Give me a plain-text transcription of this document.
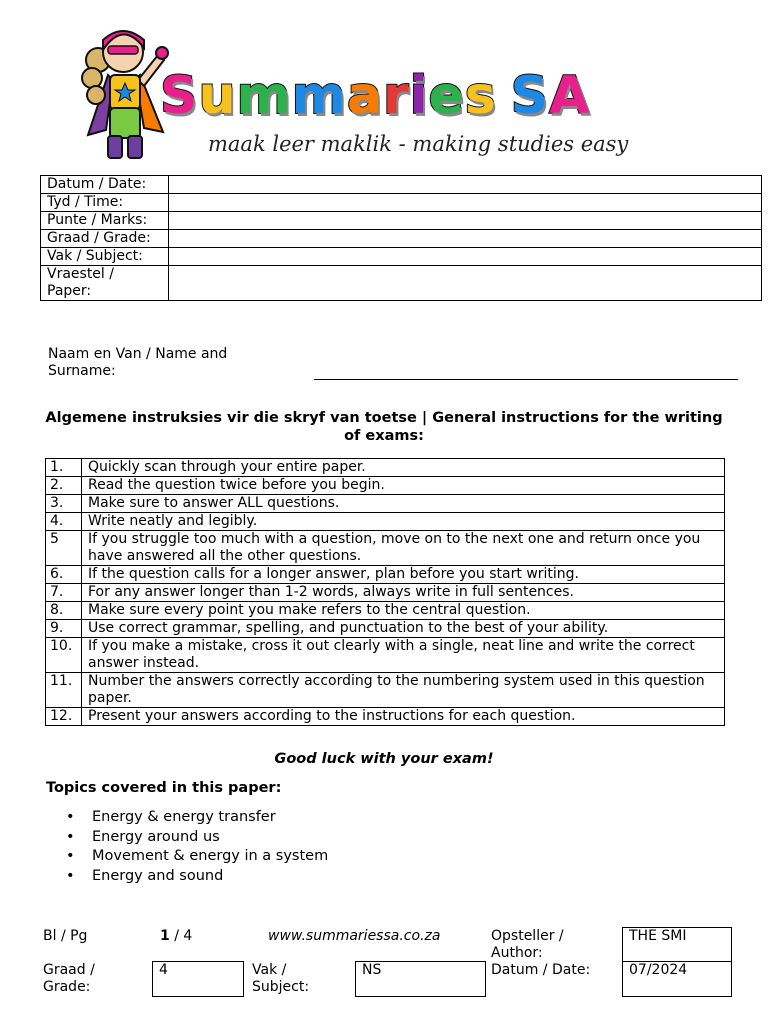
Summaries SA
maak leer maklik - making studies easy
Datum / Date:	
Tyd / Time:	
Punte / Marks:	
Graad / Grade:	
Vak / Subject:	
Vraestel / Paper:	
Naam en Van / Name and Surname:
Algemene instruksies vir die skryf van toetse | General instructions for the writing of exams:
1.	Quickly scan through your entire paper.
2.	Read the question twice before you begin.
3.	Make sure to answer ALL questions.
4.	Write neatly and legibly.
5	If you struggle too much with a question, move on to the next one and return once you have answered all the other questions.
6.	If the question calls for a longer answer, plan before you start writing.
7.	For any answer longer than 1-2 words, always write in full sentences.
8.	Make sure every point you make refers to the central question.
9.	Use correct grammar, spelling, and punctuation to the best of your ability.
10.	If you make a mistake, cross it out clearly with a single, neat line and write the correct answer instead.
11.	Number the answers correctly according to the numbering system used in this question paper.
12.	Present your answers according to the instructions for each question.
Good luck with your exam!
Topics covered in this paper:
• Energy & energy transfer
• Energy around us
• Movement & energy in a system
• Energy and sound
Bl / Pg	1 / 4	www.summariessa.co.za	Opsteller / Author:
THE SMI
Graad / Grade:
4	Vak / Subject:
NS	Datum / Date:	07/2024
